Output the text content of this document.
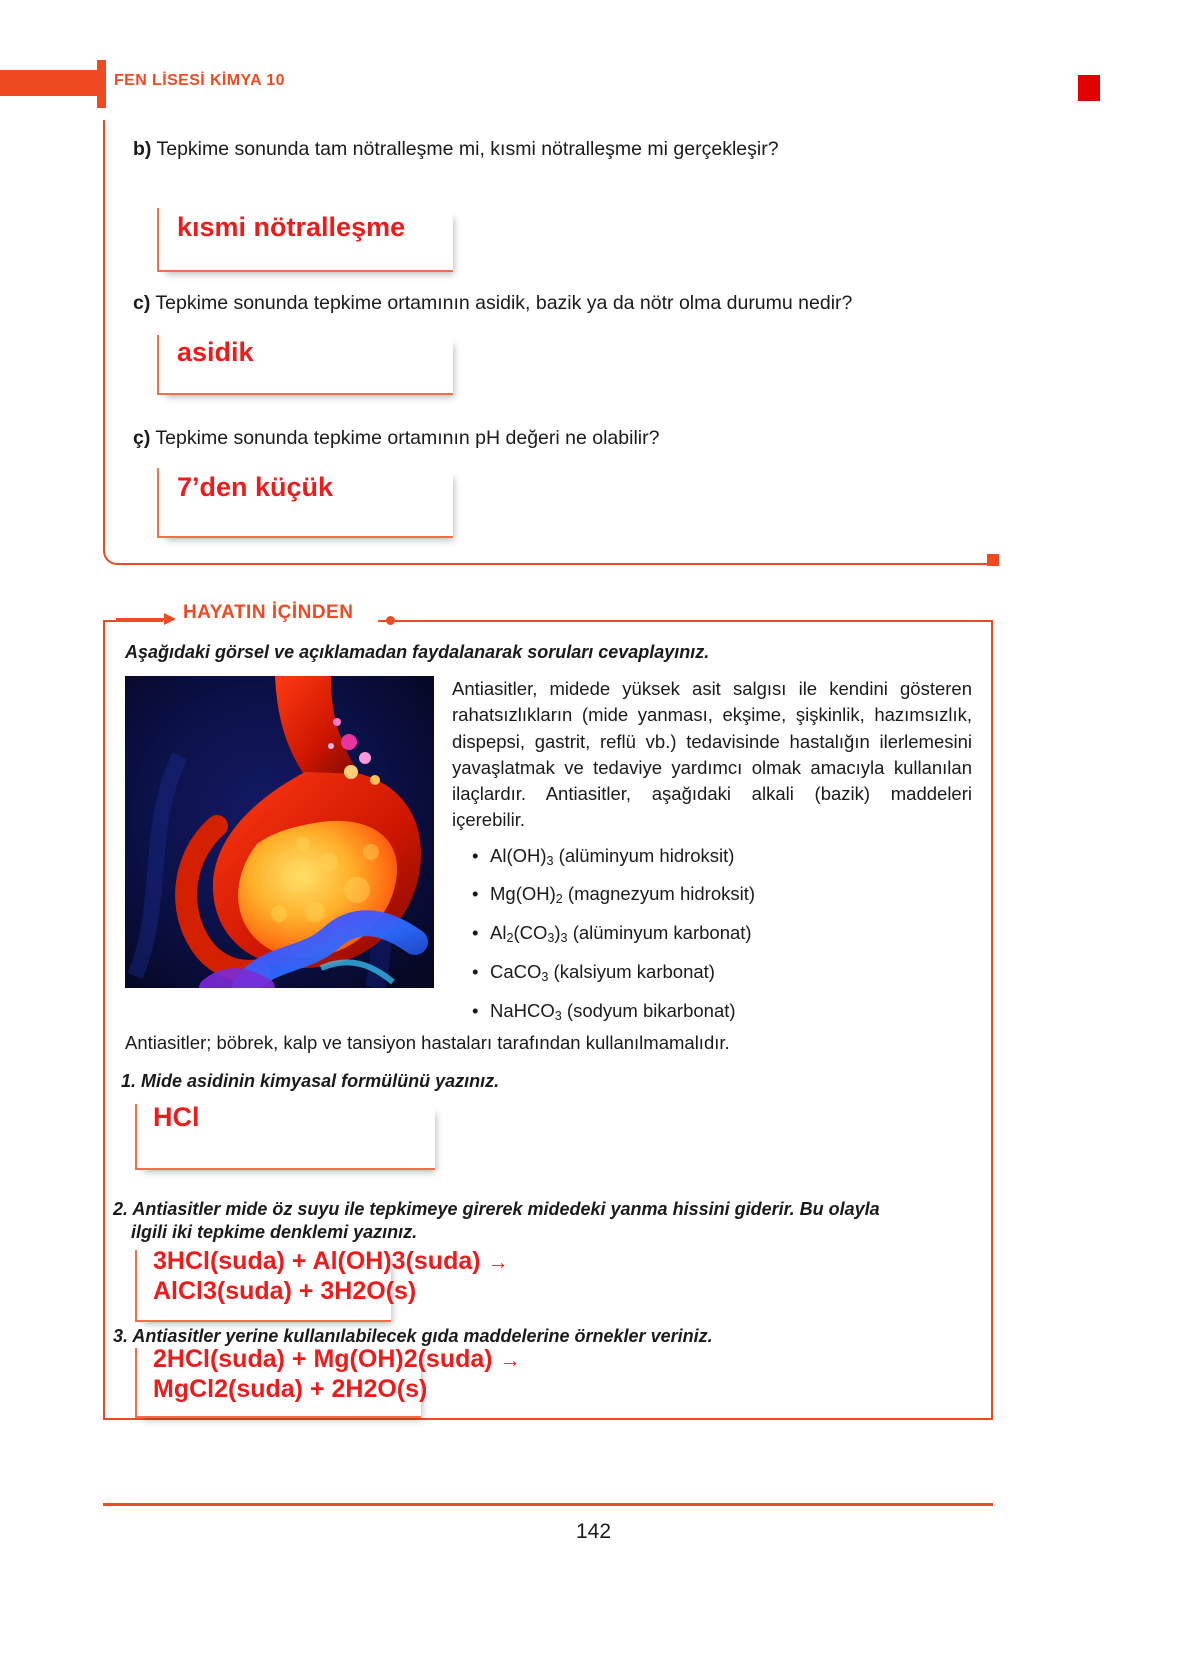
FEN LİSESİ KİMYA 10
b) Tepkime sonunda tam nötralleşme mi, kısmi nötralleşme mi gerçekleşir?
kısmi nötralleşme
c) Tepkime sonunda tepkime ortamının asidik, bazik ya da nötr olma durumu nedir?
asidik
ç) Tepkime sonunda tepkime ortamının pH değeri ne olabilir?
7’den küçük
HAYATIN İÇİNDEN
Aşağıdaki görsel ve açıklamadan faydalanarak soruları cevaplayınız.
Antiasitler, midede yüksek asit salgısı ile kendini gösteren rahatsızlıkların (mide yanması, ekşime, şişkinlik, hazımsızlık, dispepsi, gastrit, reflü vb.) tedavisinde hastalığın ilerlemesini yavaşlatmak ve tedaviye yardımcı olmak amacıyla kullanılan ilaçlardır. Antiasitler, aşağıdaki alkali (bazik) maddeleri içerebilir.
• $Al(OH)_3$ (alüminyum hidroksit)
• $Mg(OH)_2$ (magnezyum hidroksit)
• $Al_2(CO_3)_3$ (alüminyum karbonat)
• CaCO$_3$ (kalsiyum karbonat)
• NaHCO$_3$ (sodyum bikarbonat)
Antiasitler; böbrek, kalp ve tansiyon hastaları tarafından kullanılmamalıdır.
1. Mide asidinin kimyasal formülünü yazınız.
HCl
2. Antiasitler mide öz suyu ile tepkimeye girerek midedeki yanma hissini giderir. Bu olayla
ilgili iki tepkime denklemi yazınız.
3HCl(suda) + Al(OH)3(suda) →
AlCl3(suda) + 3H2O(s)
3. Antiasitler yerine kullanılabilecek gıda maddelerine örnekler veriniz.
2HCl(suda) + Mg(OH)2(suda) →
MgCl2(suda) + 2H2O(s)
142
